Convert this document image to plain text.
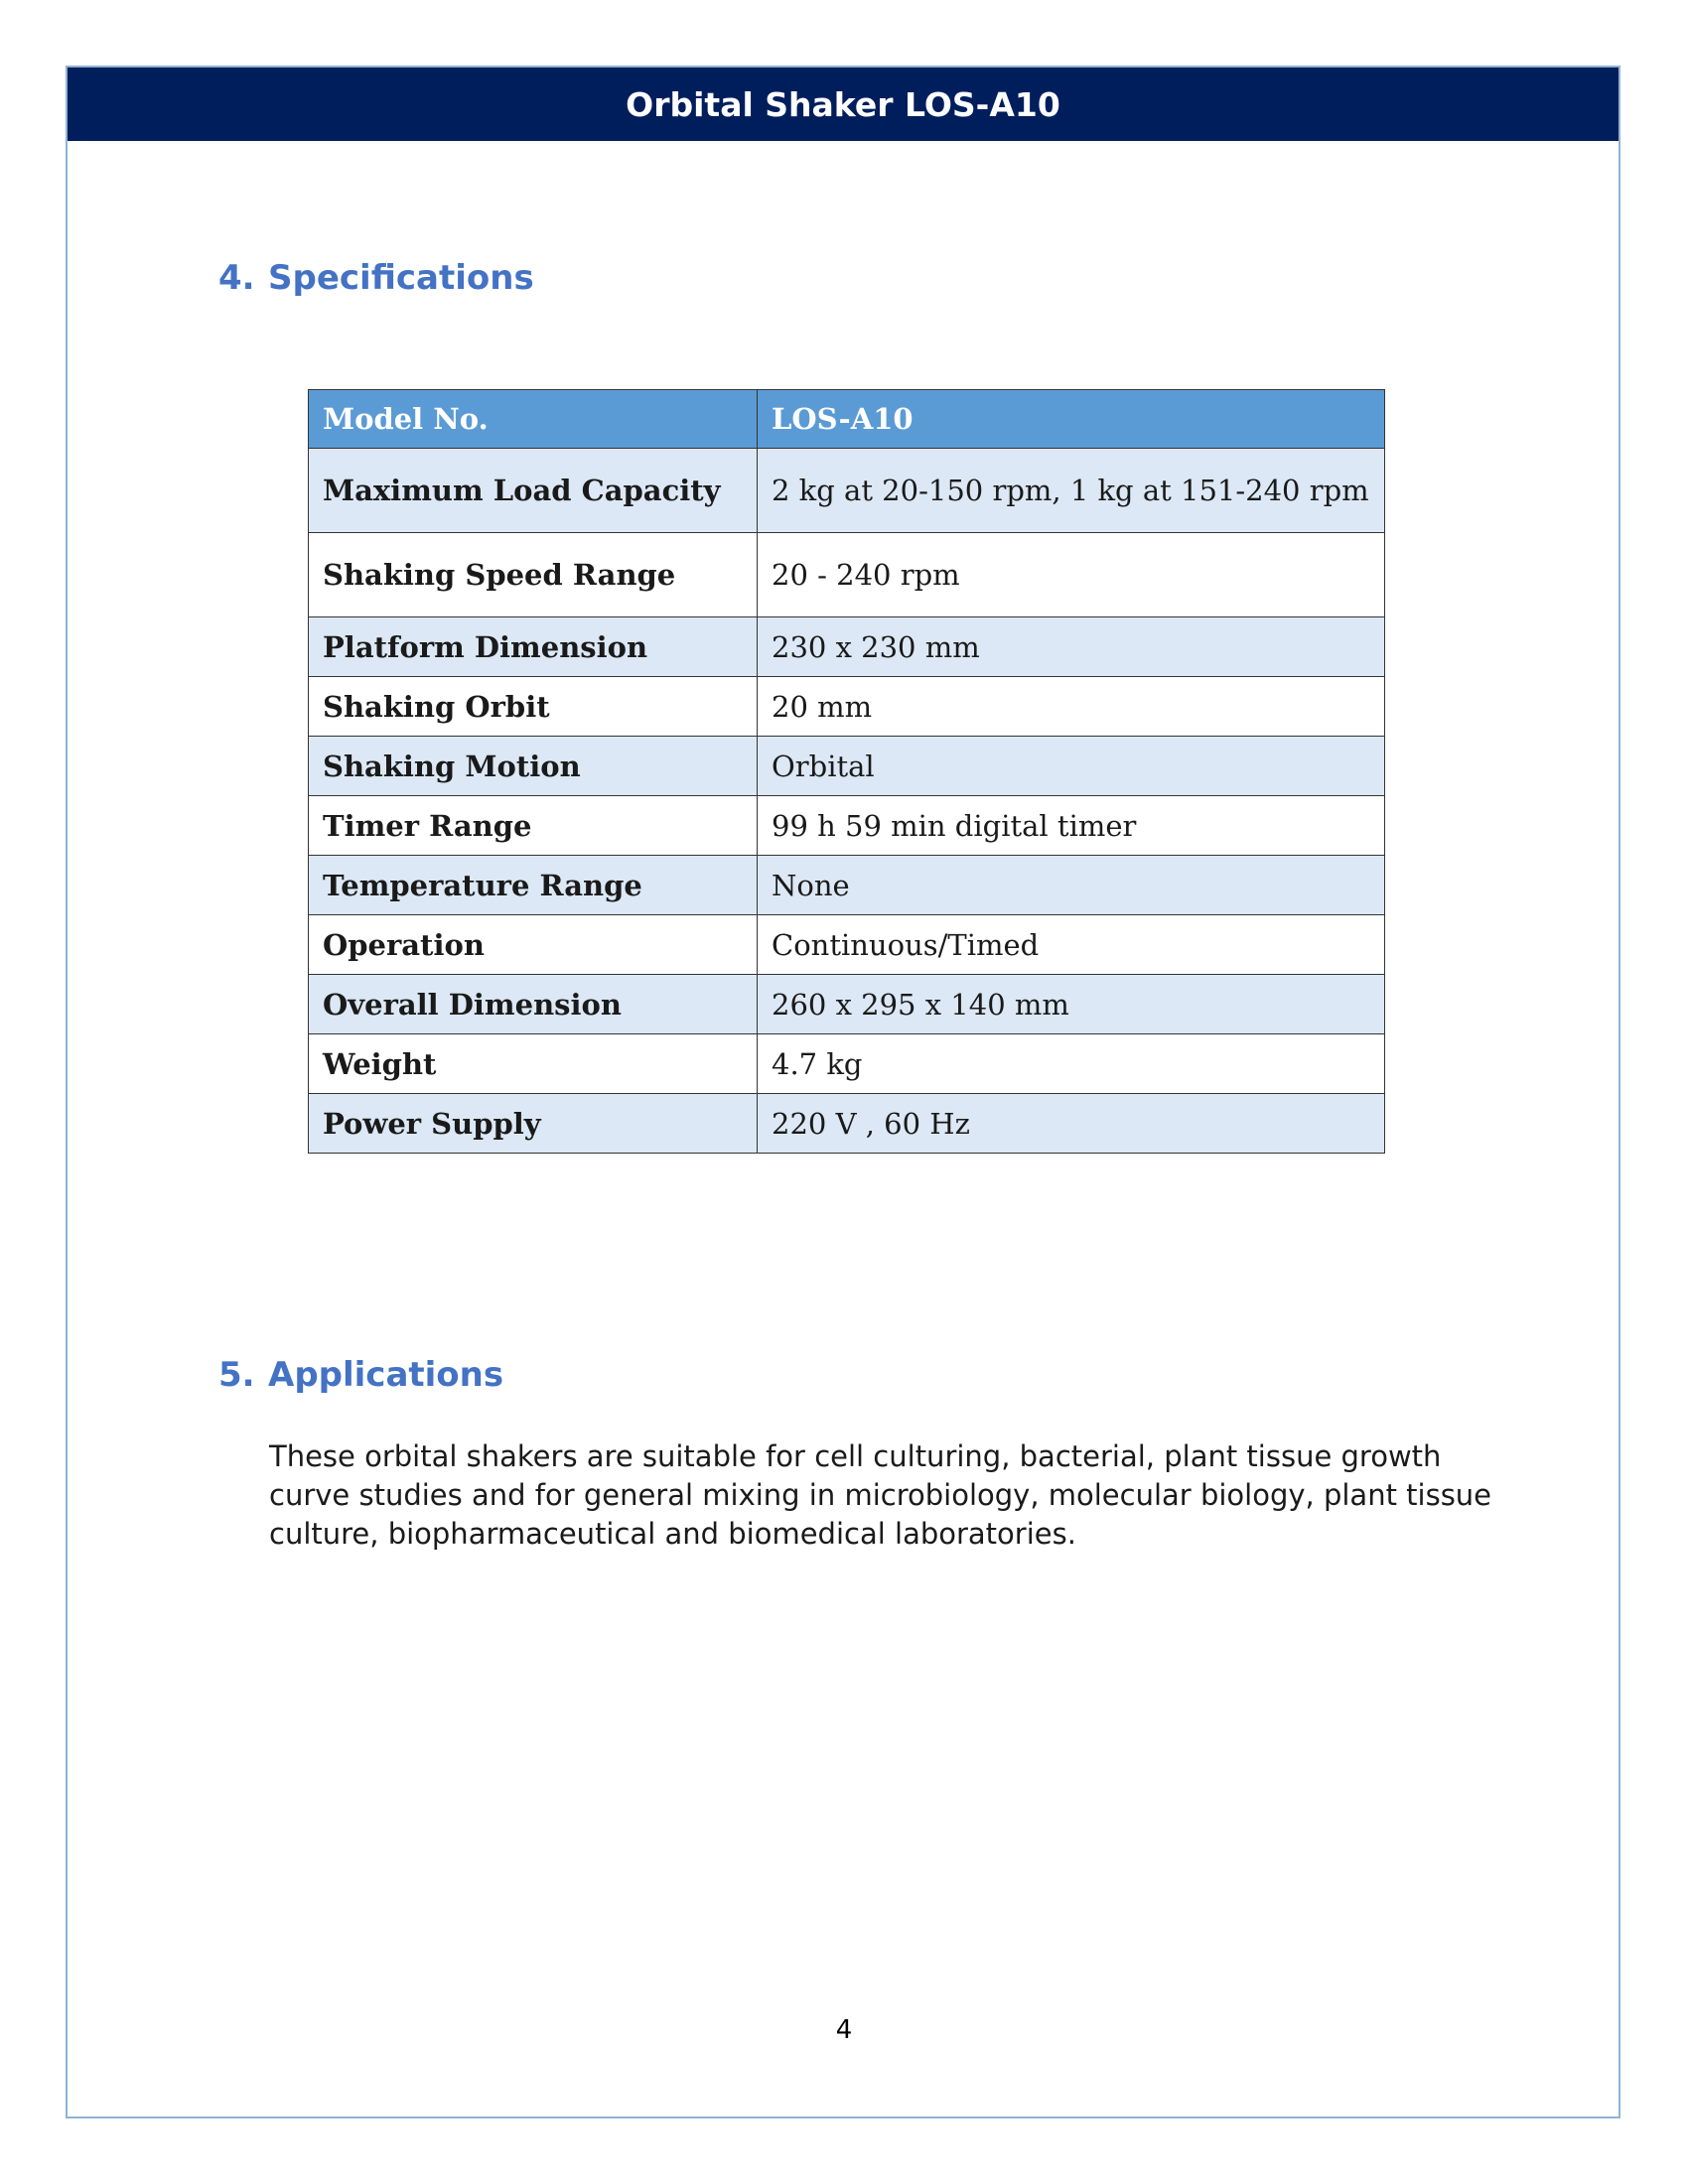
Orbital Shaker LOS-A10
4. Specifications
Model No.	LOS-A10
Maximum Load Capacity	2 kg at 20-150 rpm, 1 kg at 151-240 rpm
Shaking Speed Range	20 - 240 rpm
Platform Dimension	230 x 230 mm
Shaking Orbit	20 mm
Shaking Motion	Orbital
Timer Range	99 h 59 min digital timer
Temperature Range	None
Operation	Continuous/Timed
Overall Dimension	260 x 295 x 140 mm
Weight	4.7 kg
Power Supply	220 V , 60 Hz
5. Applications
These orbital shakers are suitable for cell culturing, bacterial, plant tissue growth curve studies and for general mixing in microbiology, molecular biology, plant tissue culture, biopharmaceutical and biomedical laboratories.
4
